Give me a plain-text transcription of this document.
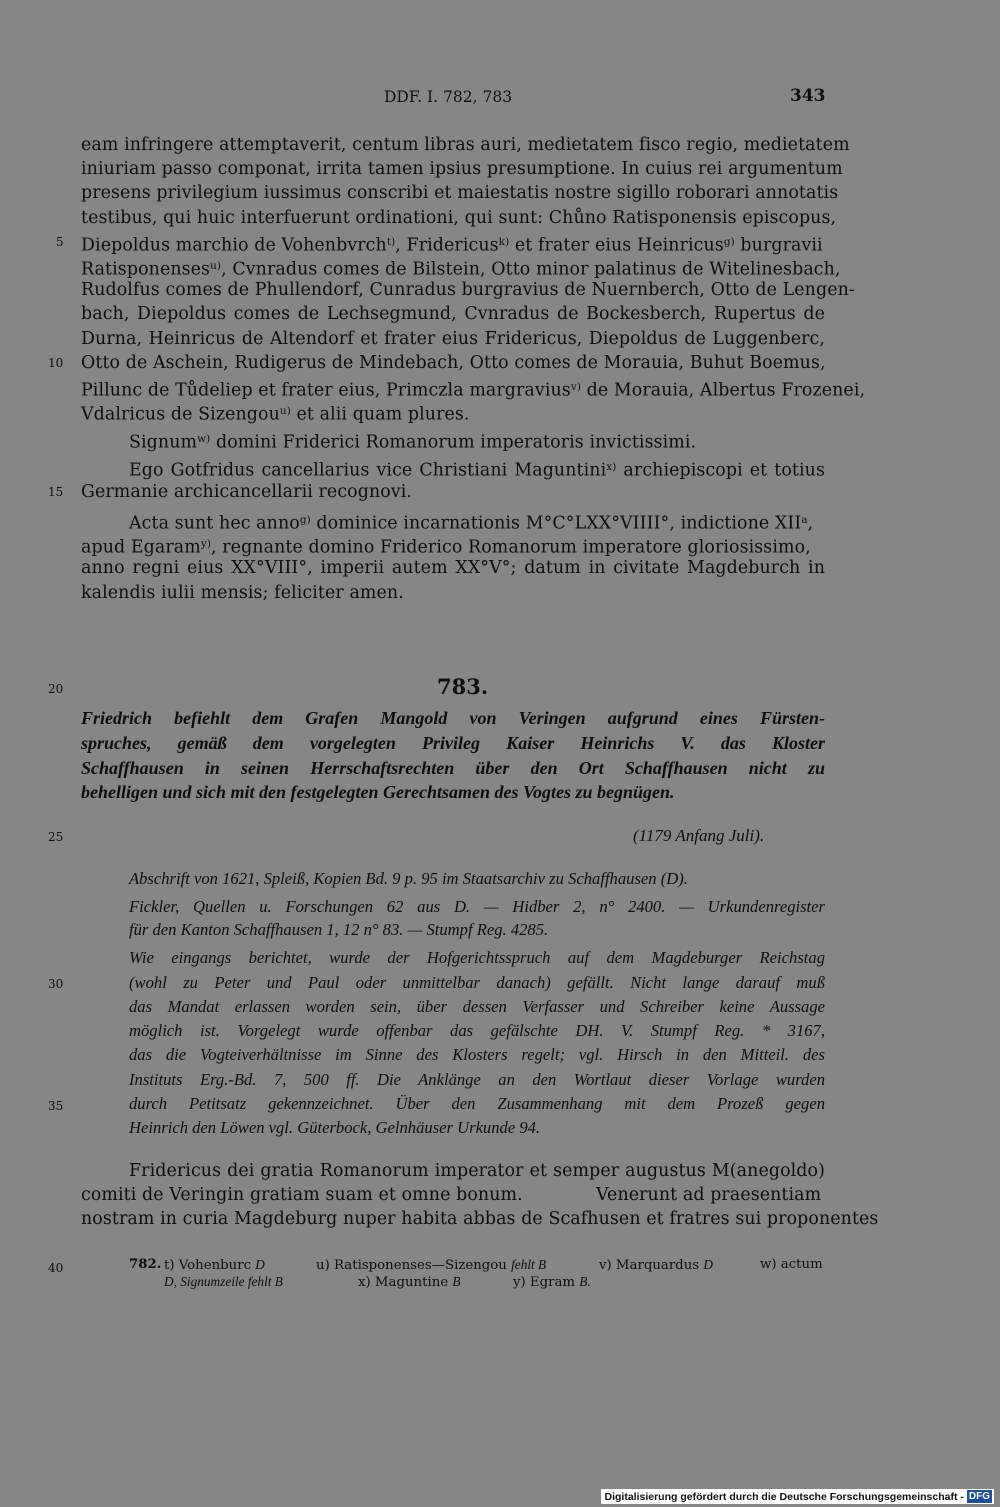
DDF. I. 782, 783	343
5
10
15
20
25
30
35
40
eam infringere attemptaverit, centum libras auri, medietatem fisco regio, medietatem
iniuriam passo componat, irrita tamen ipsius presumptione. In cuius rei argumentum
presens privilegium iussimus conscribi et maiestatis nostre sigillo roborari annotatis
testibus, qui huic interfuerunt ordinationi, qui sunt: Chůno Ratisponensis episcopus,
Diepoldus marchio de Vohenbvrch$^{t)}$, Fridericus$^{k)}$ et frater eius Heinricus$^{g)}$ burgravii
Ratisponenses$^{u)}$, Cvnradus comes de Bilstein, Otto minor palatinus de Witelinesbach,
Rudolfus comes de Phullendorf, Cunradus burgravius de Nuernberch, Otto de Lengen-
bach, Diepoldus comes de Lechsegmund, Cvnradus de Bockesberch, Rupertus de
Durna, Heinricus de Altendorf et frater eius Fridericus, Diepoldus de Luggenberc,
Otto de Aschein, Rudigerus de Mindebach, Otto comes de Morauia, Buhut Boemus,
Pillunc de Tůdeliep et frater eius, Primczla margravius$^{v)}$ de Morauia, Albertus Frozenei,
Vdalricus de Sizengou$^{u)}$ et alii quam plures.
Signum$^{w)}$ domini Friderici Romanorum imperatoris invictissimi.
Ego Gotfridus cancellarius vice Christiani Maguntini$^{x)}$ archiepiscopi et totius
Germanie archicancellarii recognovi.
Acta sunt hec anno$^{g)}$ dominice incarnationis M°C°LXX°VIIII°, indictione XII$^a$,
apud Egaram$^{y)}$, regnante domino Friderico Romanorum imperatore gloriosissimo,
anno regni eius XX°VIII°, imperii autem XX°V°; datum in civitate Magdeburch in
kalendis iulii mensis; feliciter amen.
783.
Friedrich befiehlt dem Grafen Mangold von Veringen aufgrund eines Fürsten-
spruches, gemäß dem vorgelegten Privileg Kaiser Heinrichs V. das Kloster
Schaffhausen in seinen Herrschaftsrechten über den Ort Schaffhausen nicht zu
behelligen und sich mit den festgelegten Gerechtsamen des Vogtes zu begnügen.
(1179 Anfang Juli).
Abschrift von 1621, Spleiß, Kopien Bd. 9 p. 95 im Staatsarchiv zu Schaffhausen (D).
Fickler, Quellen u. Forschungen 62 aus D. — Hidber 2, n° 2400. — Urkundenregister
für den Kanton Schaffhausen 1, 12 n° 83. — Stumpf Reg. 4285.
Wie eingangs berichtet, wurde der Hofgerichtsspruch auf dem Magdeburger Reichstag
(wohl zu Peter und Paul oder unmittelbar danach) gefällt. Nicht lange darauf muß
das Mandat erlassen worden sein, über dessen Verfasser und Schreiber keine Aussage
möglich ist. Vorgelegt wurde offenbar das gefälschte DH. V. Stumpf Reg. * 3167,
das die Vogteiverhältnisse im Sinne des Klosters regelt; vgl. Hirsch in den Mitteil. des
Instituts Erg.-Bd. 7, 500 ff. Die Anklänge an den Wortlaut dieser Vorlage wurden
durch Petitsatz gekennzeichnet. Über den Zusammenhang mit dem Prozeß gegen
Heinrich den Löwen vgl. Güterbock, Gelnhäuser Urkunde 94.
Fridericus dei gratia Romanorum imperator et semper augustus M(anegoldo)
comiti de Veringin gratiam suam et omne bonum.	Venerunt ad praesentiam
nostram in curia Magdeburg nuper habita abbas de Scafhusen et fratres sui proponentes
782. t) Vohenburc D	u) Ratisponenses—Sizengou fehlt B	v) Marquardus D	w) actum
D, Signumzeile fehlt B	x) Maguntine B	y) Egram B.
Digitalisierung gefördert durch die Deutsche Forschungsgemeinschaft - DFG
